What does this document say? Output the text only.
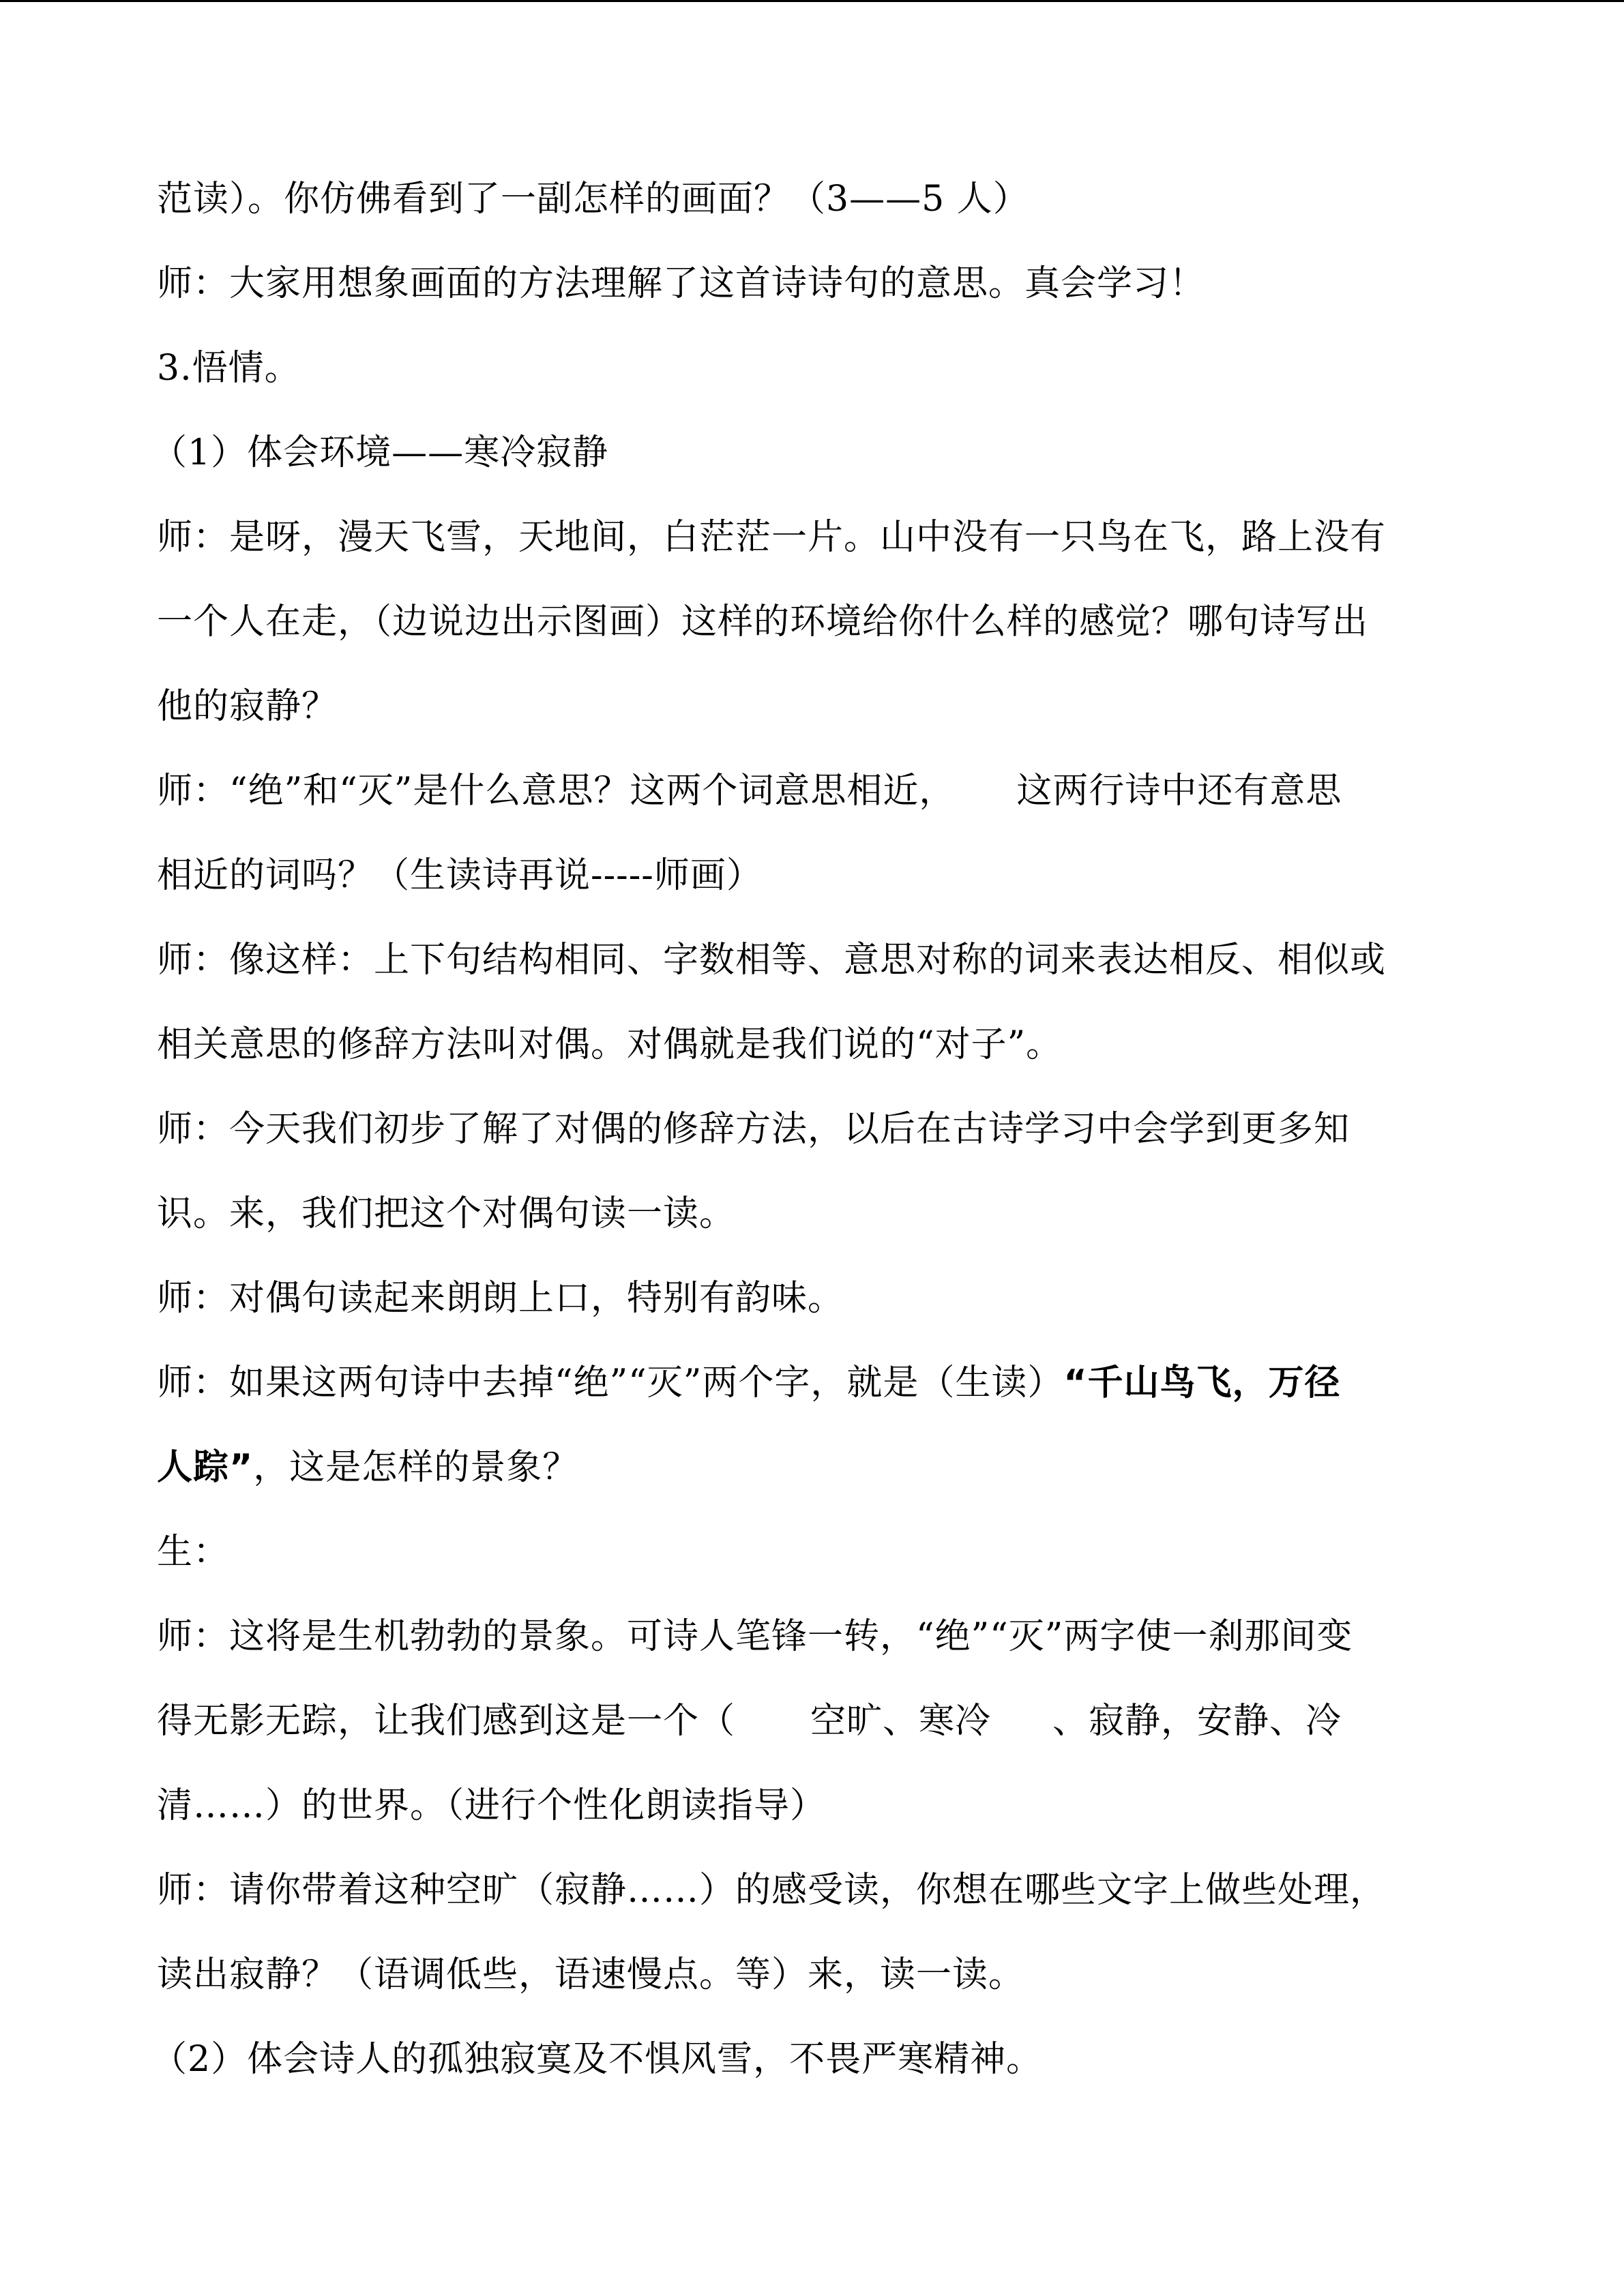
范读）。你仿佛看到了一副怎样的画面？（3——5 人）
师：大家用想象画面的方法理解了这首诗诗句的意思。真会学习！
3.悟情。
（1）体会环境——寒冷寂静
师：是呀，漫天飞雪，天地间，白茫茫一片。山中没有一只鸟在飞，路上没有
一个人在走，（边说边出示图画）这样的环境给你什么样的感觉？哪句诗写出
他的寂静？
师：“绝”和“灭”是什么意思？这两个词意思相近， 这两行诗中还有意思
相近的词吗？（生读诗再说-----师画）
师：像这样：上下句结构相同、字数相等、意思对称的词来表达相反、相似或
相关意思的修辞方法叫对偶。对偶就是我们说的“对子”。
师：今天我们初步了解了对偶的修辞方法，以后在古诗学习中会学到更多知
识。来，我们把这个对偶句读一读。
师：对偶句读起来朗朗上口，特别有韵味。
师：如果这两句诗中去掉“绝”“灭”两个字，就是（生读）“千山鸟飞，万径
人踪”，这是怎样的景象？
生：
师：这将是生机勃勃的景象。可诗人笔锋一转，“绝”“灭”两字使一刹那间变
得无影无踪，让我们感到这是一个（ 空旷、寒冷 、寂静，安静、冷
清……）的世界。（进行个性化朗读指导）
师：请你带着这种空旷（寂静……）的感受读，你想在哪些文字上做些处理，
读出寂静？（语调低些，语速慢点。等）来，读一读。
（2）体会诗人的孤独寂寞及不惧风雪，不畏严寒精神。
